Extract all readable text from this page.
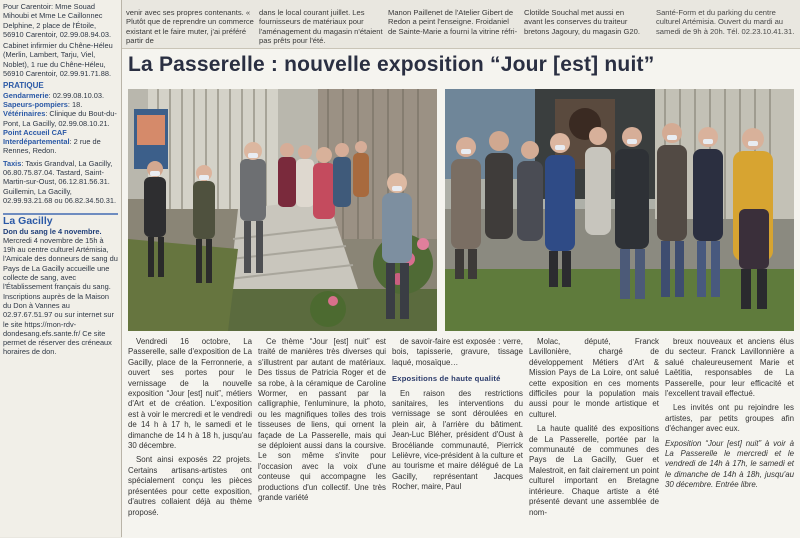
Pour Carentoir: Mme Souad Mihoubi et Mme Le Caillonnec Delphine, 2 place de l'Étoile, 56910 Carentoir, 02.99.08.94.03.

Cabinet infirmier du Chêne-Héleu (Merlin, Lambert, Tarju, Viel, Noblet), 1 rue du Chêne-Héleu, 56910 Carentoir, 02.99.91.71.88.

PRATIQUE

Gendarmerie: 02.99.08.10.03.

Sapeurs-pompiers: 18.

Vétérinaires: Clinique du Bout-du-Pont, La Gacilly, 02.99.08.10.21.

Point Accueil CAF Interdépartemental: 2 rue de Rennes, Redon.

Taxis: Taxis Grandval, La Gacilly, 06.80.75.87.04. Tastard, Saint-Martin-sur-Oust, 06.12.81.56.31. Guillemin, La Gacilly, 02.99.93.21.68 ou 06.82.34.50.31.

La Gacilly

Don du sang le 4 novembre. Mercredi 4 novembre de 15h à 19h au centre culturel Artémisia, l'Amicale des donneurs de sang du Pays de La Gacilly accueille une collecte de sang, avec l'Établissement français du sang. Inscriptions auprès de la Maison du Don à Vannes au 02.97.67.51.97 ou sur internet sur le site https://mon-rdv-dondesang.efs.sante.fr/ Ce site permet de réserver des créneaux horaires de don.

venir avec ses propres contenants. « Plutôt que de reprendre un commerce existant et le faire muter, j'ai préféré partir de

dans le local courant juillet. Les fournisseurs de matériaux pour l'aménagement du magasin n'étaient pas prêts pour l'été.

Manon Paillenet de l'Atelier Gibert de Redon a peint l'enseigne. Froidaniel de Sainte-Marie a fourni la vitrine réfri-

Clotilde Souchal met aussi en avant les conserves du traiteur bretons Jagoury, du magasin G20.

Santé-Form et du parking du centre culturel Artémisia. Ouvert du mardi au samedi de 9h à 20h. Tél. 02.23.10.41.31.

La Passerelle : nouvelle exposition “Jour [est] nuit”

Vendredi 16 octobre, La Passerelle, salle d'exposition de La Gacilly, place de la Ferronnerie, a ouvert ses portes pour le vernissage de la nouvelle exposition “Jour [est] nuit”, métiers d'Art et de création. L'exposition est à voir le mercredi et le vendredi de 14 h à 17 h, le samedi et le dimanche de 14 h à 18 h, jusqu'au 30 décembre.

Sont ainsi exposés 22 projets. Certains artisans-artistes ont spécialement conçu les pièces présentées pour cette exposition, d'autres collaient déjà au thème proposé.

Ce thème “Jour [est] nuit” est traité de manières très diverses qui s'illustrent par autant de matériaux. Des tissus de Patricia Roger et de sa robe, à la céramique de Caroline Wormer, en passant par la calligraphie, l'enluminure, la photo, ou les magnifiques toiles des trois tisseuses de liens, qui ornent la façade de La Passerelle, mais qui se déploient aussi dans la coursive. Le son même s'invite pour l'occasion avec la voix d'une conteuse qui accompagne les productions d'un collectif. Une très grande variété

de savoir-faire est exposée : verre, bois, tapisserie, gravure, tissage laqué, mosaïque…

Expositions de haute qualité

En raison des restrictions sanitaires, les interventions du vernissage se sont déroulées en plein air, à l'arrière du bâtiment. Jean-Luc Bléher, président d'Oust à Brocéliande communauté, Pierrick Lelièvre, vice-président à la culture et au tourisme et maire délégué de La Gacilly, représentant Jacques Rocher, maire, Paul

Molac, député, Franck Lavillonière, chargé de développement Métiers d'Art & Mission Pays de La Loire, ont salué cette exposition en ces moments difficiles pour la population mais aussi pour le monde artistique et culturel.

La haute qualité des expositions de La Passerelle, portée par la communauté de communes des Pays de La Gacilly, Guer et Malestroit, en fait clairement un point culturel important en Bretagne intérieure. Chaque artiste a été présenté devant une assemblée de nom-

breux nouveaux et anciens élus du secteur. Franck Lavillonnière a salué chaleureusement Marie et Laëtitia, responsables de La Passerelle, pour leur efficacité et l'excellent travail effectué.

Les invités ont pu rejoindre les artistes, par petits groupes afin d'échanger avec eux.

Exposition “Jour [est] nuit” à voir à La Passerelle le mercredi et le vendredi de 14h à 17h, le samedi et le dimanche de 14h à 18h, jusqu'au 30 décembre. Entrée libre.
